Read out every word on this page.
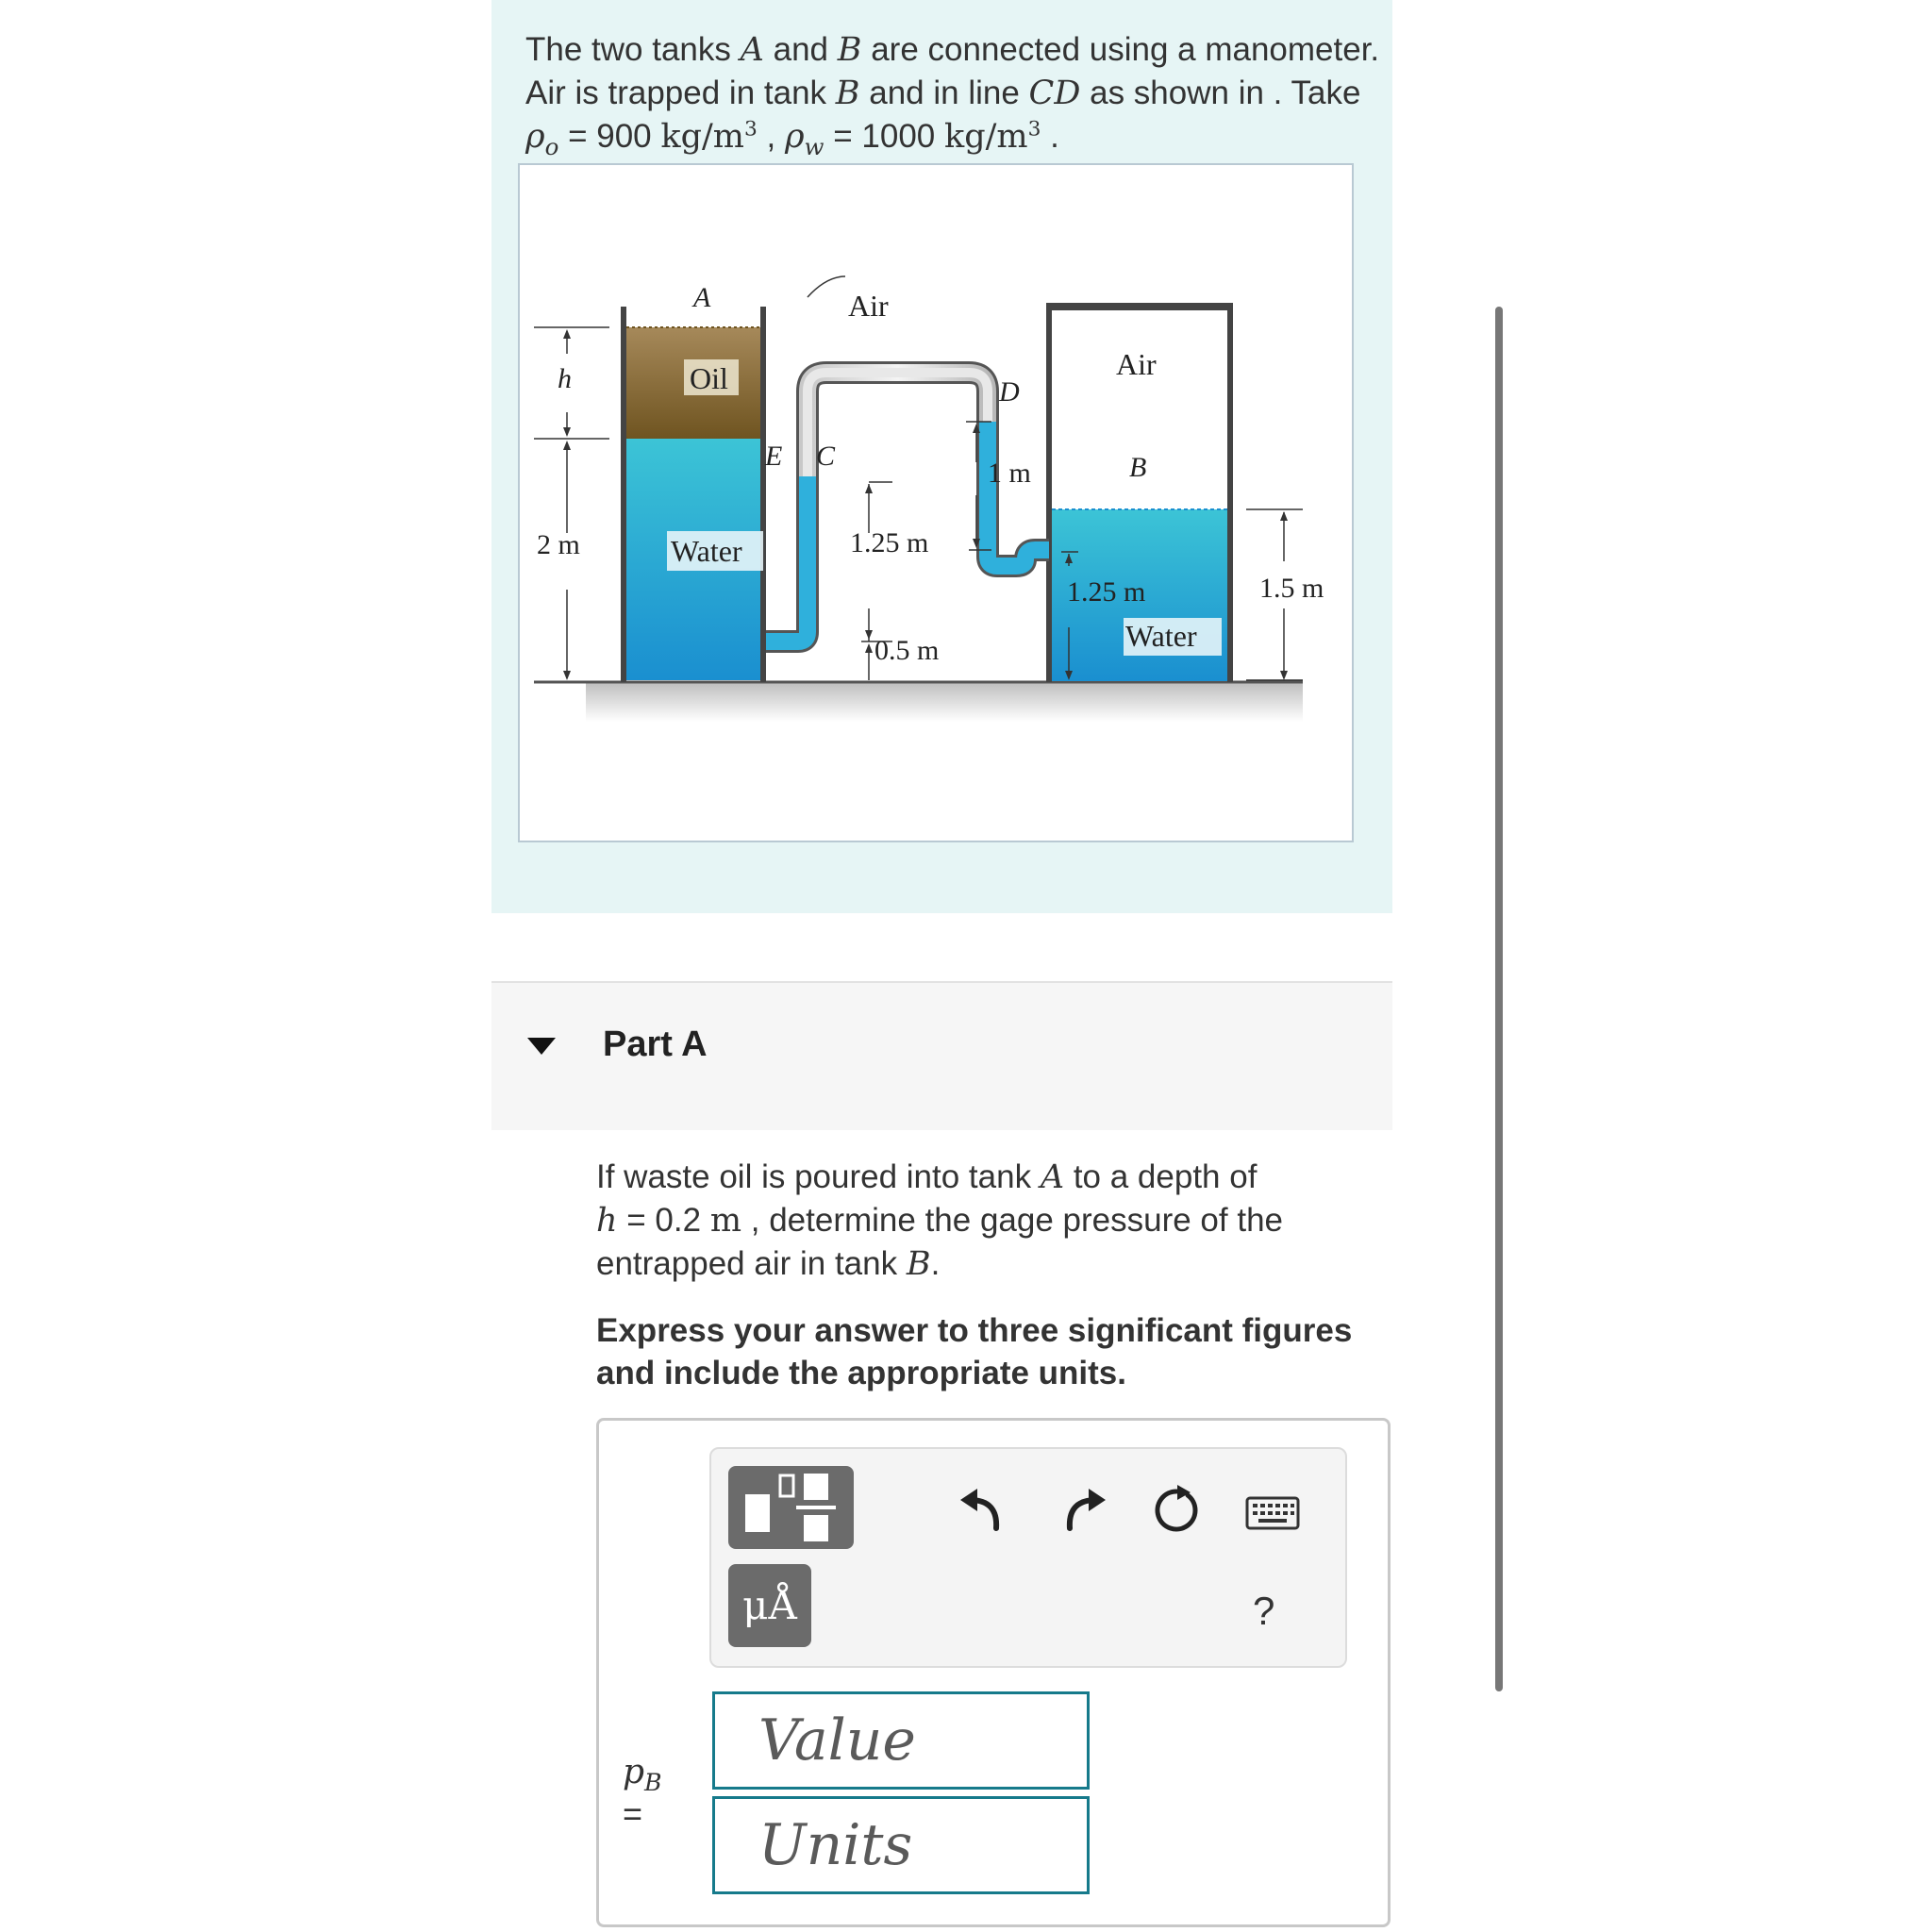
The two tanks A and B are connected using a manometer. Air is trapped in tank B and in line CD as shown in . Take $\rho_o = 900$ $kg/m^3$ , $\rho_w = 1000$ $kg/m^3$ .
A
Oil
Water
E
Air
C
D
1 m
1.25 m
0.5 m
Air
B
1.25 m
Water
1.5 m
h
2 m
Part A
If waste oil is poured into tank A to a depth of
h = 0.2 m , determine the gage pressure of the entrapped air in tank B.
Express your answer to three significant figures and include the appropriate units.
μÅ	?
$p_B$
=
Value
Units
